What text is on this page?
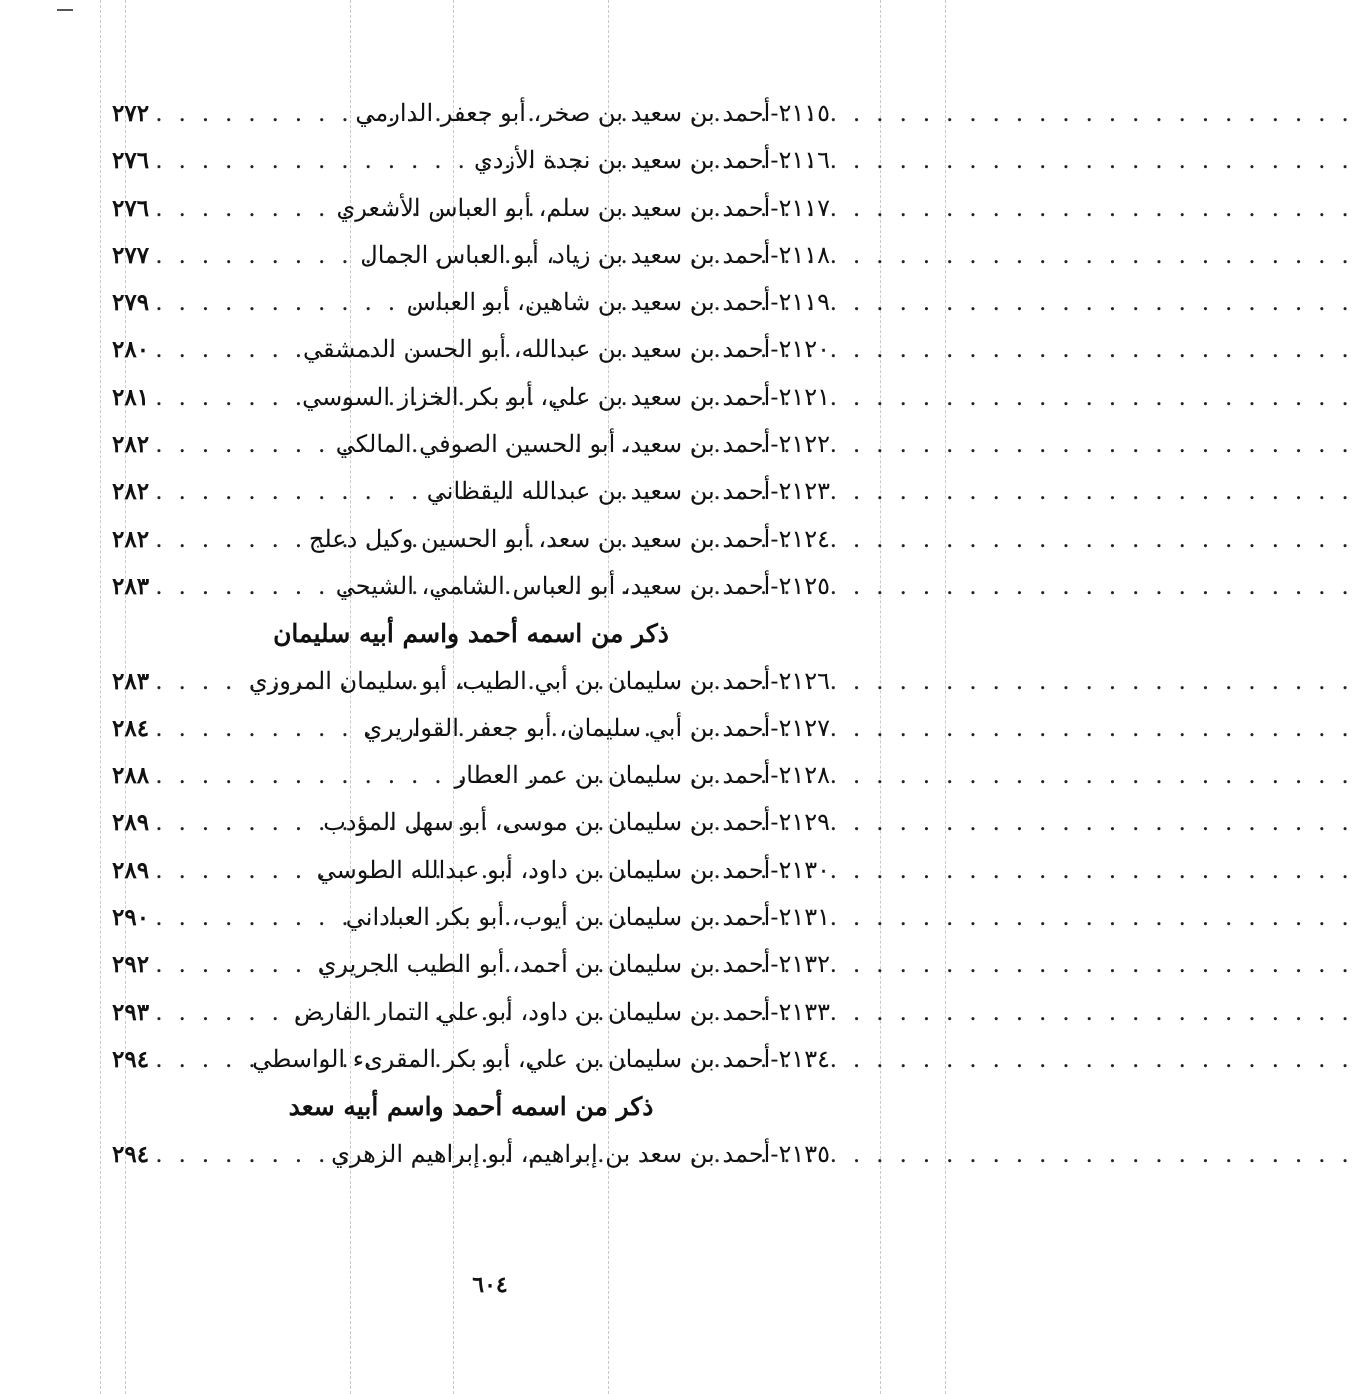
٢١١٥-
أحمد بن سعيد بن صخر، أبو جعفر الدارمي
. . .
٢٧٢
٢١١٦-
أحمد بن سعيد بن نجدة الأزدي
. . .
٢٧٦
٢١١٧-
أحمد بن سعيد بن سلم، أبو العباس الأشعري
. . .
٢٧٦
٢١١٨-
أحمد بن سعيد بن زياد، أبو العباس الجمال
. . .
٢٧٧
٢١١٩-
أحمد بن سعيد بن شاهين، أبو العباس
. . .
٢٧٩
٢١٢٠-
أحمد بن سعيد بن عبدالله، أبو الحسن الدمشقي
. . .
٢٨٠
٢١٢١-
أحمد بن سعيد بن علي، أبو بكر الخزاز السوسي
. . .
٢٨١
٢١٢٢-
أحمد بن سعيد، أبو الحسين الصوفي المالكي
. . .
٢٨٢
٢١٢٣-
أحمد بن سعيد بن عبدالله اليقظاني
. . .
٢٨٢
٢١٢٤-
أحمد بن سعيد بن سعد، أبو الحسين وكيل دعلج
. . .
٢٨٢
٢١٢٥-
أحمد بن سعيد، أبو العباس الشامي، الشيحي
. . .
٢٨٣
ذكر من اسمه أحمد واسم أبيه سليمان
٢١٢٦-
أحمد بن سليمان بن أبي الطيب، أبو سليمان المروزي
. . .
٢٨٣
٢١٢٧-
أحمد بن أبي سليمان، أبو جعفر القواريري
. . .
٢٨٤
٢١٢٨-
أحمد بن سليمان بن عمر العطار
. . .
٢٨٨
٢١٢٩-
أحمد بن سليمان بن موسى، أبو سهل المؤدب
. . .
٢٨٩
٢١٣٠-
أحمد بن سليمان بن داود، أبو عبدالله الطوسي
. . .
٢٨٩
٢١٣١-
أحمد بن سليمان بن أيوب، أبو بكر العباداني
. . .
٢٩٠
٢١٣٢-
أحمد بن سليمان بن أحمد، أبو الطيب الجريري
. . .
٢٩٢
٢١٣٣-
أحمد بن سليمان بن داود، أبو علي التمار الفارض
. . .
٢٩٣
٢١٣٤-
أحمد بن سليمان بن علي، أبو بكر المقرىء الواسطي
. . .
٢٩٤
ذكر من اسمه أحمد واسم أبيه سعد
٢١٣٥-
أحمد بن سعد بن إبراهيم، أبو إبراهيم الزهري
. . .
٢٩٤
٦٠٤
